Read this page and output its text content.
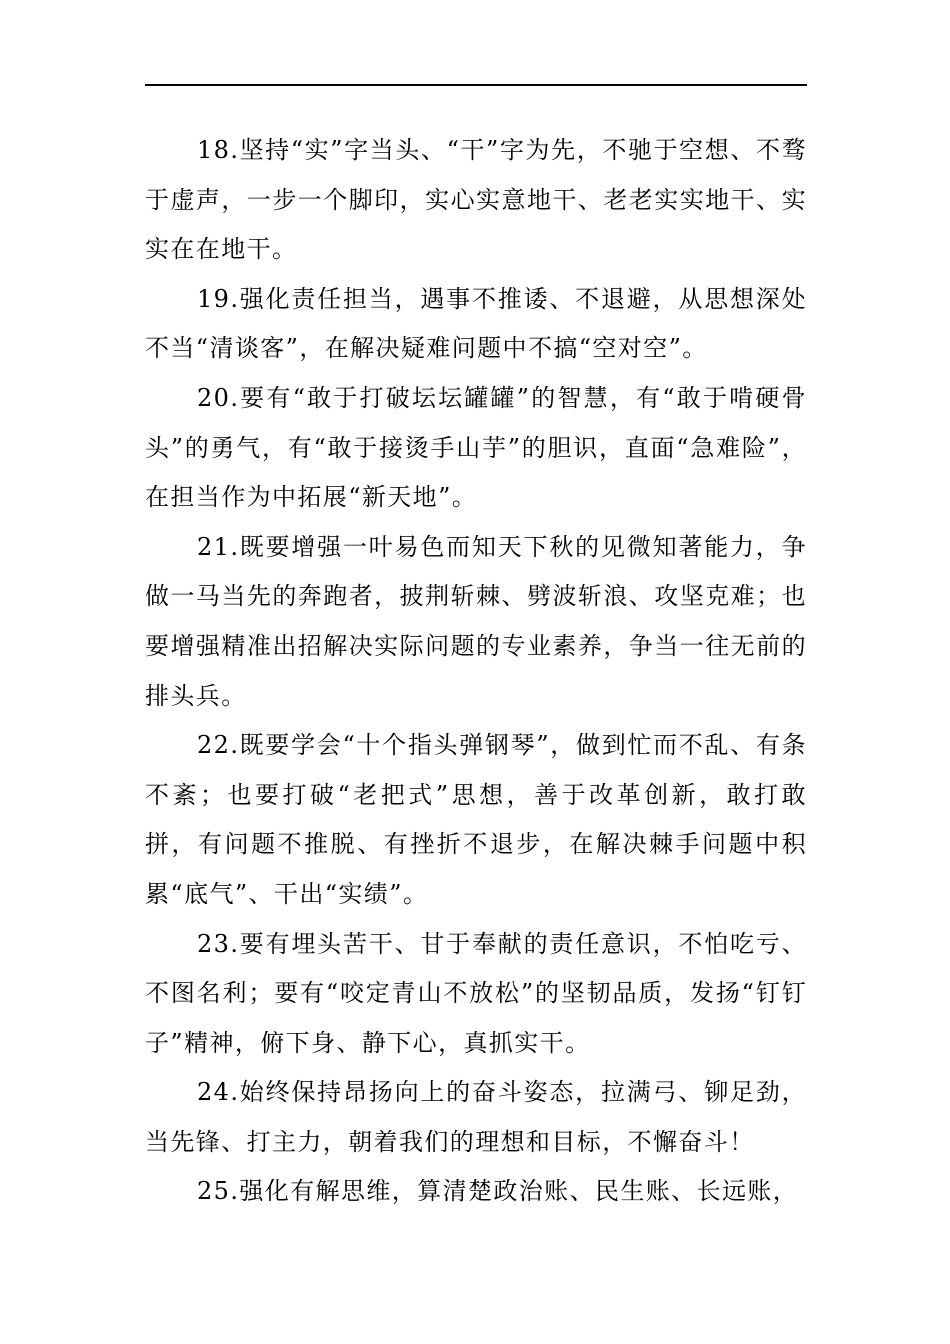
18.坚持“实”字当头、“干”字为先，不驰于空想、不骛于虚声，一步一个脚印，实心实意地干、老老实实地干、实实在在地干。

19.强化责任担当，遇事不推诿、不退避，从思想深处不当“清谈客”，在解决疑难问题中不搞“空对空”。

20.要有“敢于打破坛坛罐罐”的智慧，有“敢于啃硬骨头”的勇气，有“敢于接烫手山芋”的胆识，直面“急难险”，在担当作为中拓展“新天地”。

21.既要增强一叶易色而知天下秋的见微知著能力，争做一马当先的奔跑者，披荆斩棘、劈波斩浪、攻坚克难；也要增强精准出招解决实际问题的专业素养，争当一往无前的排头兵。

22.既要学会“十个指头弹钢琴”，做到忙而不乱、有条不紊；也要打破“老把式”思想，善于改革创新，敢打敢拼，有问题不推脱、有挫折不退步，在解决棘手问题中积累“底气”、干出“实绩”。

23.要有埋头苦干、甘于奉献的责任意识，不怕吃亏、不图名利；要有“咬定青山不放松”的坚韧品质，发扬“钉钉子”精神，俯下身、静下心，真抓实干。

24.始终保持昂扬向上的奋斗姿态，拉满弓、铆足劲，当先锋、打主力，朝着我们的理想和目标，不懈奋斗！

25.强化有解思维，算清楚政治账、民生账、长远账，
